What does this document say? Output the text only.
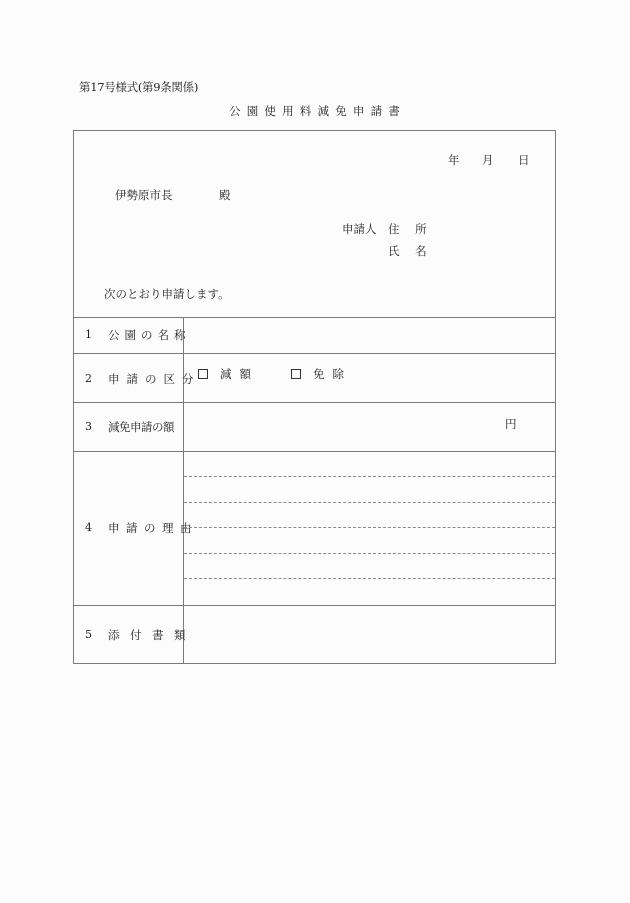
第17号様式(第9条関係)
公園使用料減免申請書
年 月 日
伊勢原市長	殿
申請人 住 所
氏 名
次のとおり申請します。
1 公園の名称
2 申請の区分	減額	免除
3 減免申請の額	円
4 申請の理由
5 添付書類
